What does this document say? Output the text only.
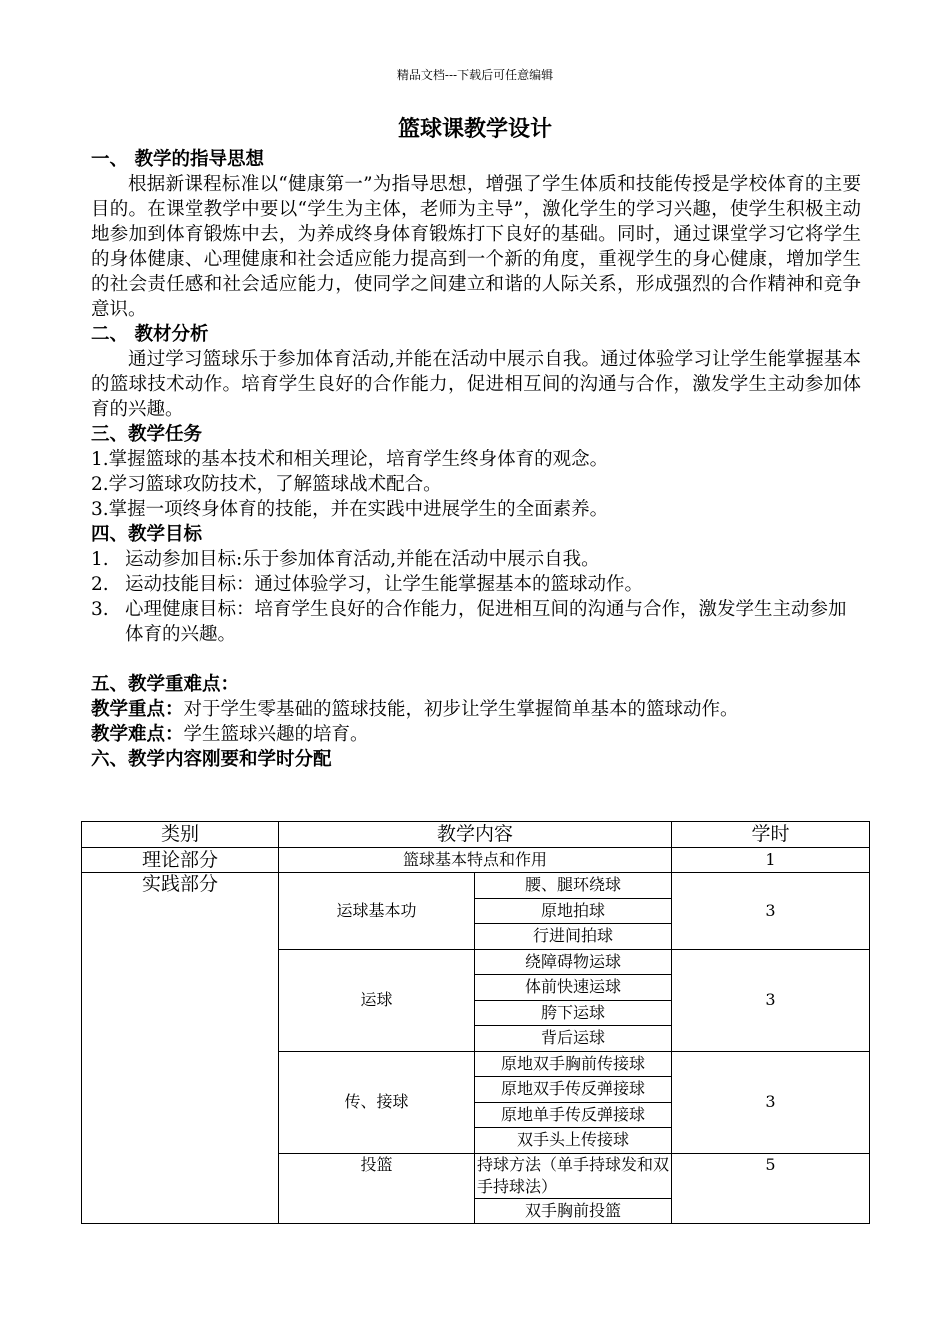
精品文档---下载后可任意编辑
篮球课教学设计
一、 教学的指导思想
根据新课程标准以“健康第一”为指导思想，增强了学生体质和技能传授是学校体育的主要目的。在课堂教学中要以“学生为主体，老师为主导”，激化学生的学习兴趣，使学生积极主动地参加到体育锻炼中去，为养成终身体育锻炼打下良好的基础。同时，通过课堂学习它将学生的身体健康、心理健康和社会适应能力提高到一个新的角度，重视学生的身心健康，增加学生的社会责任感和社会适应能力，使同学之间建立和谐的人际关系，形成强烈的合作精神和竞争意识。
二、 教材分析
通过学习篮球乐于参加体育活动,并能在活动中展示自我。通过体验学习让学生能掌握基本的篮球技术动作。培育学生良好的合作能力，促进相互间的沟通与合作，激发学生主动参加体育的兴趣。
三、教学任务
1.掌握篮球的基本技术和相关理论，培育学生终身体育的观念。
2.学习篮球攻防技术，了解篮球战术配合。
3.掌握一项终身体育的技能，并在实践中进展学生的全面素养。
四、教学目标
1. 运动参加目标:乐于参加体育活动,并能在活动中展示自我。
2. 运动技能目标：通过体验学习，让学生能掌握基本的篮球动作。
3. 心理健康目标：培育学生良好的合作能力，促进相互间的沟通与合作，激发学生主动参加体育的兴趣。
五、教学重难点：
教学重点：对于学生零基础的篮球技能，初步让学生掌握简单基本的篮球动作。
教学难点：学生篮球兴趣的培育。
六、教学内容刚要和学时分配
类别	教学内容		学时
理论部分	篮球基本特点和作用		1
实践部分	运球基本功	腰、腿环绕球	3
		原地拍球	
		行进间拍球	
	运球	绕障碍物运球	3
		体前快速运球	
		胯下运球	
		背后运球	
	传、接球	原地双手胸前传接球	3
		原地双手传反弹接球	
		原地单手传反弹接球	
		双手头上传接球	
	投篮	持球方法（单手持球发和双手持球法）	5

		双手胸前投篮	
